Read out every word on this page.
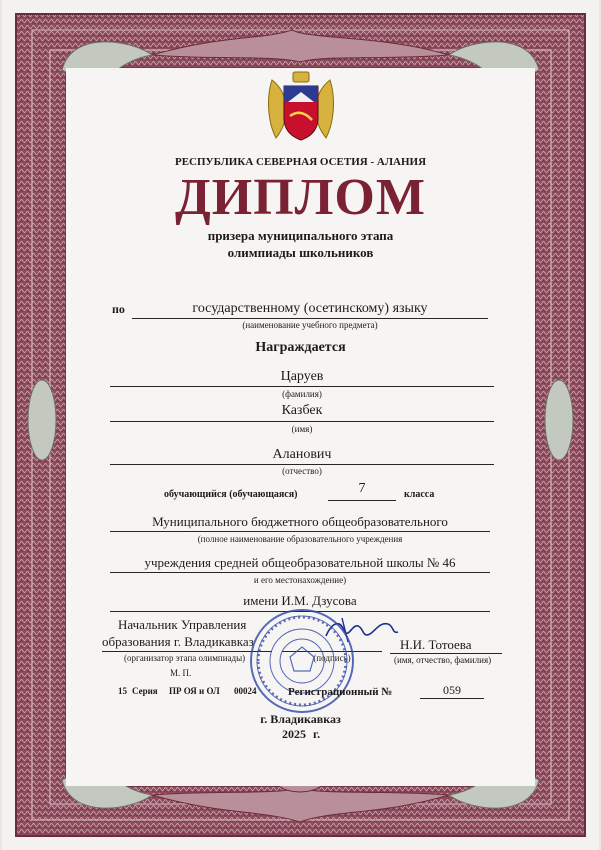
РЕСПУБЛИКА СЕВЕРНАЯ ОСЕТИЯ - АЛАНИЯ
ДИПЛОМ
призера муниципального этапа
олимпиады школьников
по	государственному (осетинскому) языку
(наименование учебного предмета)
Награждается
Царуев
(фамилия)
Казбек
(имя)
Аланович
(отчество)
обучающийся (обучающаяся)	7	класса
Муниципального бюджетного общеобразовательного
(полное наименование образовательного учреждения
учреждения средней общеобразовательной школы № 46
и его местонахождение)
имени И.М. Дзусова
Начальник Управления
образования г. Владикавказ
(организатор этапа олимпиады)	(подпись)
Н.И. Тотоева
(имя, отчество, фамилия)
М. П.
15 Серия ПР ОЯ и ОЛ 00024	Регистрационный №	059
г. Владикавказ
2025 г.
